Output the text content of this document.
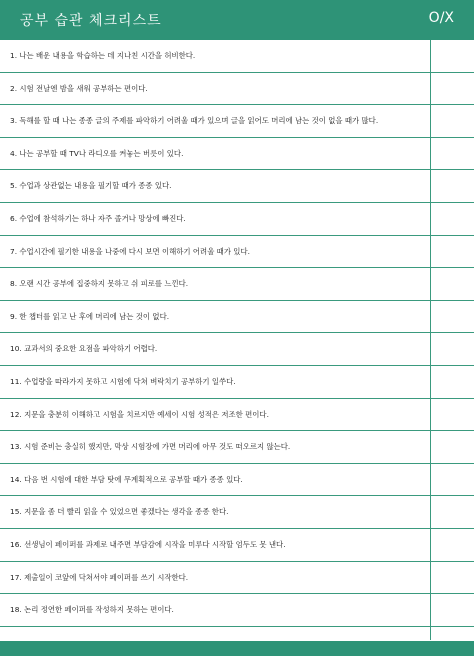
공부 습관 체크리스트	O/X
1. 나는 배운 내용을 학습하는 데 지나친 시간을 허비한다.
2. 시험 전날엔 밤을 새워 공부하는 편이다.
3. 독해를 할 때 나는 종종 글의 주제를 파악하기 어려울 때가 있으며 글을 읽어도 머리에 남는 것이 없을 때가 많다.
4. 나는 공부할 때 TV나 라디오를 켜놓는 버릇이 있다.
5. 수업과 상관없는 내용을 필기할 때가 종종 있다.
6. 수업에 참석하기는 하나 자주 졸거나 망상에 빠진다.
7. 수업시간에 필기한 내용을 나중에 다시 보면 이해하기 어려울 때가 있다.
8. 오랜 시간 공부에 집중하지 못하고 쉬 피로를 느낀다.
9. 한 챕터를 읽고 난 후에 머리에 남는 것이 없다.
10. 교과서의 중요한 요점을 파악하기 어렵다.
11. 수업량을 따라가지 못하고 시험에 닥쳐 벼락치기 공부하기 일쑤다.
12. 지문을 충분히 이해하고 시험을 치르지만 예세이 시험 성적은 저조한 편이다.
13. 시험 준비는 충실히 했지만, 막상 시험장에 가면 머리에 아무 것도 떠오르지 않는다.
14. 다음 번 시험에 대한 부담 탓에 무계획적으로 공부할 때가 종종 있다.
15. 지문을 좀 더 빨리 읽을 수 있었으면 좋겠다는 생각을 종종 한다.
16. 선생님이 페이퍼를 과제로 내주면 부담감에 시작을 미루다 시작할 엄두도 못 낸다.
17. 제출일이 코앞에 닥쳐서야 페이퍼를 쓰기 시작한다.
18. 논리 정연한 페이퍼를 작성하지 못하는 편이다.
